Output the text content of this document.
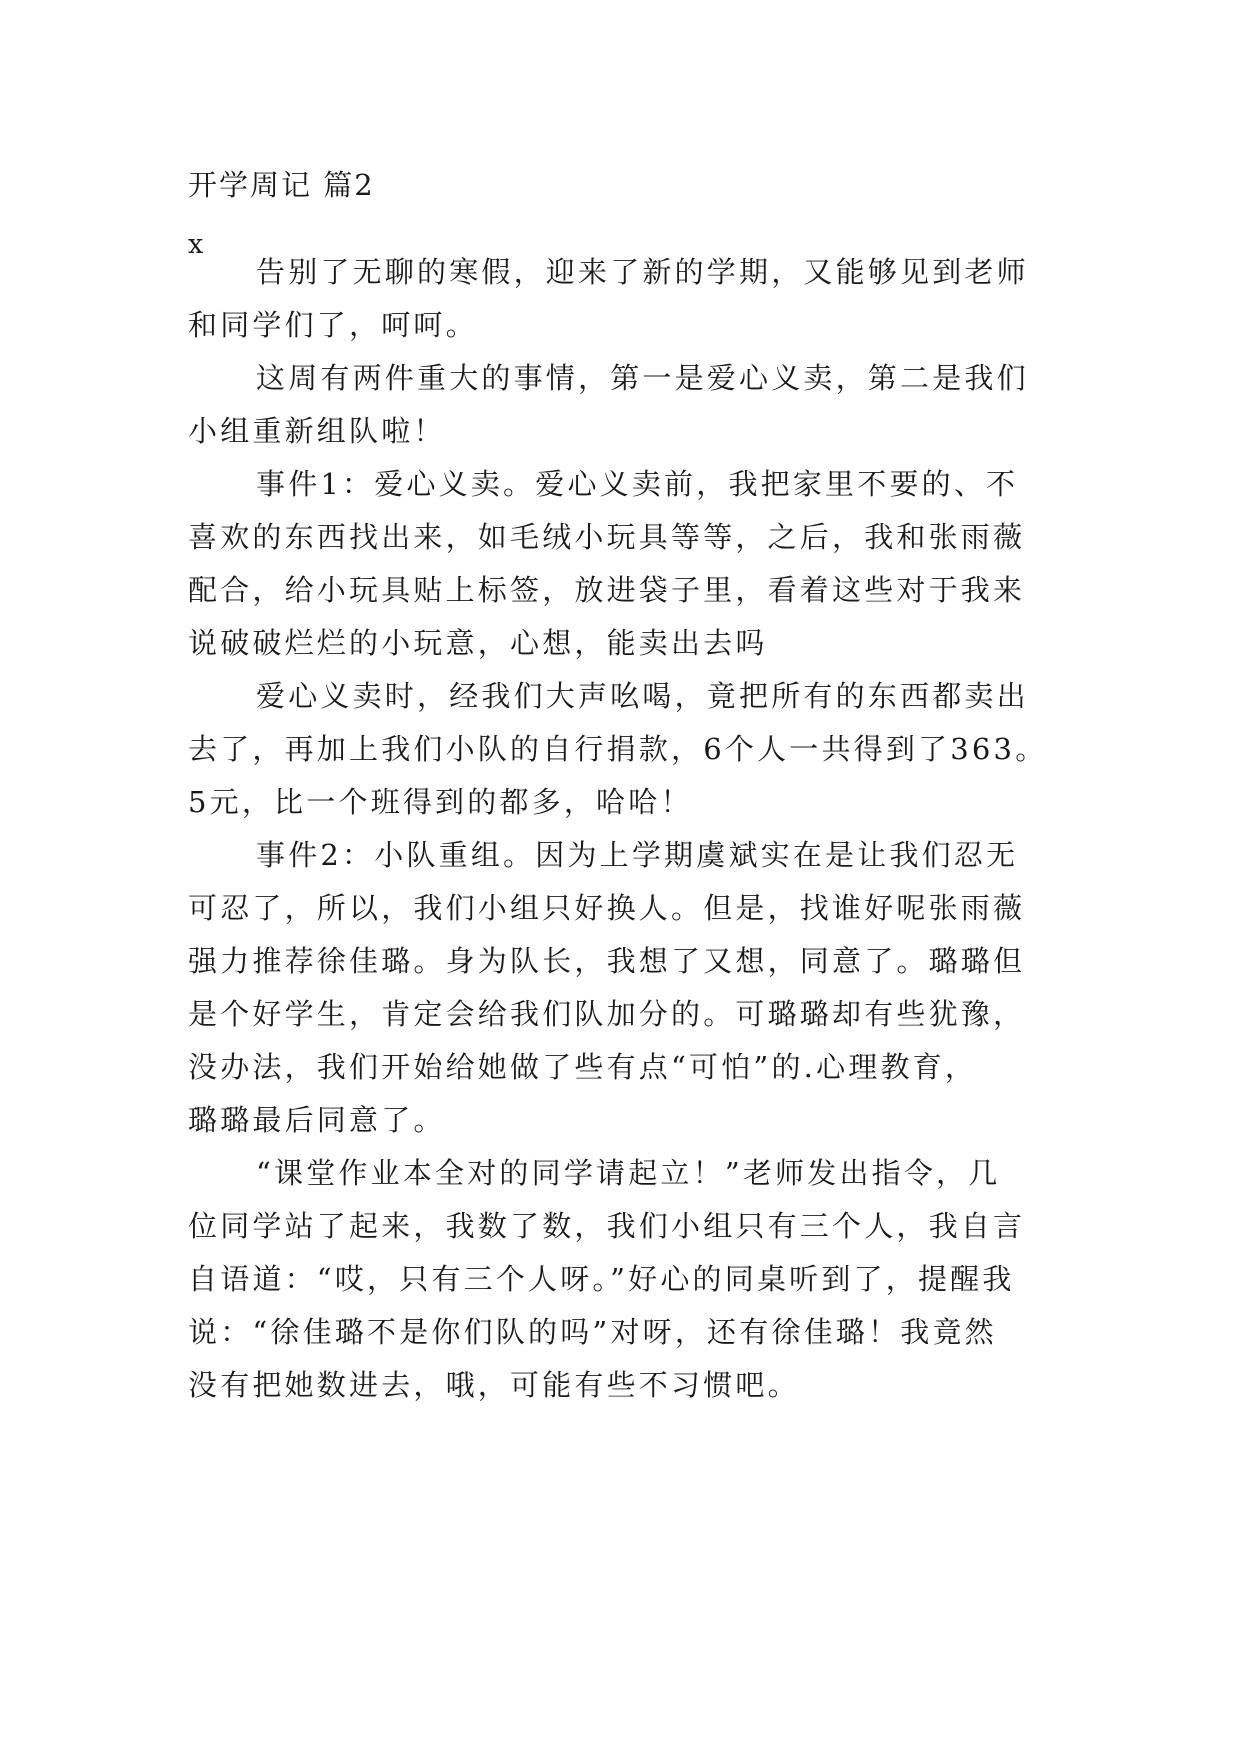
开学周记 篇2
x
告别了无聊的寒假，迎来了新的学期，又能够见到老师
和同学们了，呵呵。
这周有两件重大的事情，第一是爱心义卖，第二是我们
小组重新组队啦！
事件1：爱心义卖。爱心义卖前，我把家里不要的、不
喜欢的东西找出来，如毛绒小玩具等等，之后，我和张雨薇
配合，给小玩具贴上标签，放进袋子里，看着这些对于我来
说破破烂烂的小玩意，心想，能卖出去吗
爱心义卖时，经我们大声吆喝，竟把所有的东西都卖出
去了，再加上我们小队的自行捐款，6个人一共得到了363。
5元，比一个班得到的都多，哈哈！
事件2：小队重组。因为上学期虞斌实在是让我们忍无
可忍了，所以，我们小组只好换人。但是，找谁好呢张雨薇
强力推荐徐佳璐。身为队长，我想了又想，同意了。璐璐但
是个好学生，肯定会给我们队加分的。可璐璐却有些犹豫，
没办法，我们开始给她做了些有点“可怕”的.心理教育，
璐璐最后同意了。
“课堂作业本全对的同学请起立！”老师发出指令，几
位同学站了起来，我数了数，我们小组只有三个人，我自言
自语道：“哎，只有三个人呀。”好心的同桌听到了，提醒我
说：“徐佳璐不是你们队的吗”对呀，还有徐佳璐！我竟然
没有把她数进去，哦，可能有些不习惯吧。
